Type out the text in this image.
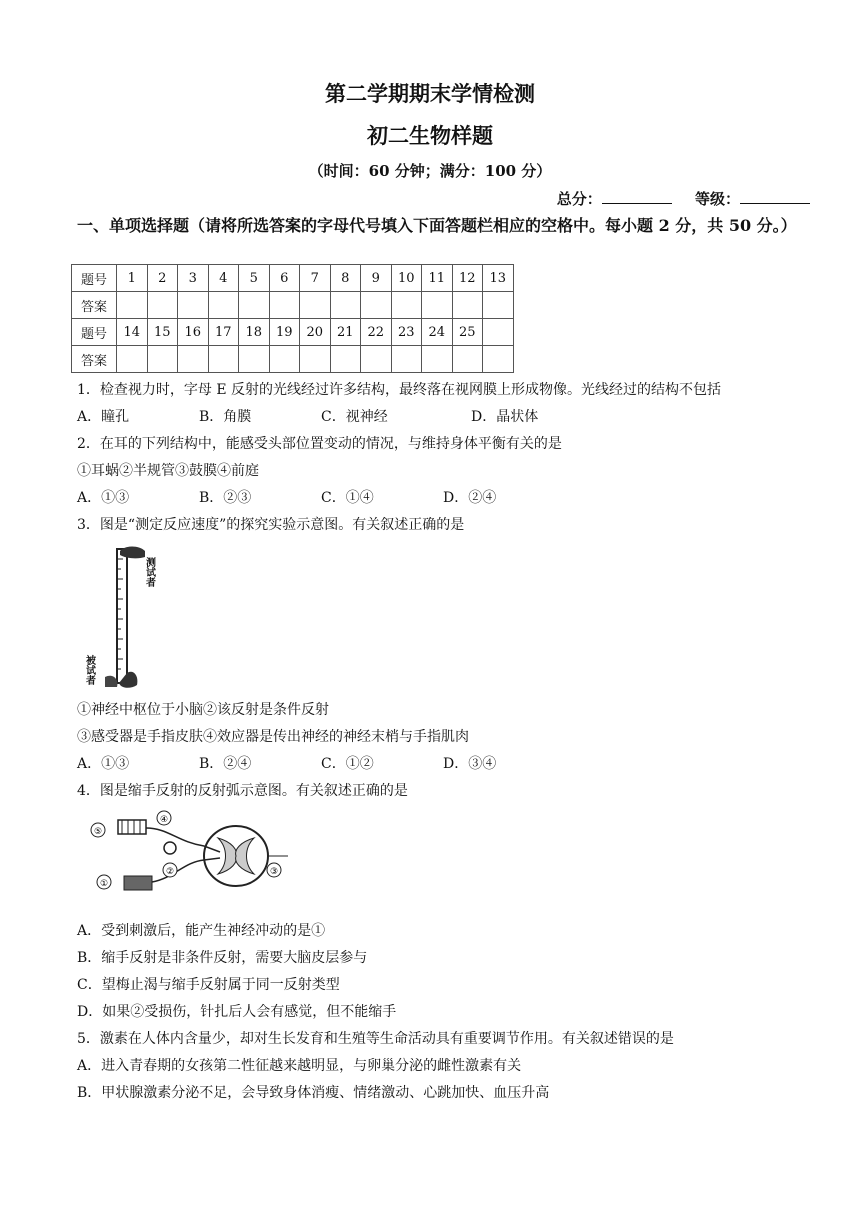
第二学期期末学情检测
初二生物样题
（时间：60 分钟；满分：100 分）
总分：	等级：
一、单项选择题（请将所选答案的字母代号填入下面答题栏相应的空格中。每小题 2 分，共 50 分。）
题号	1	2	3	4	5	6	7	8	9	10	11	12	13
答案													
题号	14	15	16	17	18	19	20	21	22	23	24	25	
答案													
1．检查视力时，字母 E 反射的光线经过许多结构，最终落在视网膜上形成物像。光线经过的结构不包括
A．瞳孔	B．角膜	C．视神经	D．晶状体
2．在耳的下列结构中，能感受头部位置变动的情况，与维持身体平衡有关的是
①耳蜗②半规管③鼓膜④前庭
A．①③	B．②③	C．①④	D．②④
3．图是“测定反应速度”的探究实验示意图。有关叙述正确的是
测试者
被试者
①神经中枢位于小脑②该反射是条件反射
③感受器是手指皮肤④效应器是传出神经的神经末梢与手指肌肉
A．①③	B．②④	C．①②	D．③④
4．图是缩手反射的反射弧示意图。有关叙述正确的是
⑤
④
①
②	③
A．受到刺激后，能产生神经冲动的是①
B．缩手反射是非条件反射，需要大脑皮层参与
C．望梅止渴与缩手反射属于同一反射类型
D．如果②受损伤，针扎后人会有感觉，但不能缩手
5．激素在人体内含量少，却对生长发育和生殖等生命活动具有重要调节作用。有关叙述错误的是
A．进入青春期的女孩第二性征越来越明显，与卵巢分泌的雌性激素有关
B．甲状腺激素分泌不足，会导致身体消瘦、情绪激动、心跳加快、血压升高
